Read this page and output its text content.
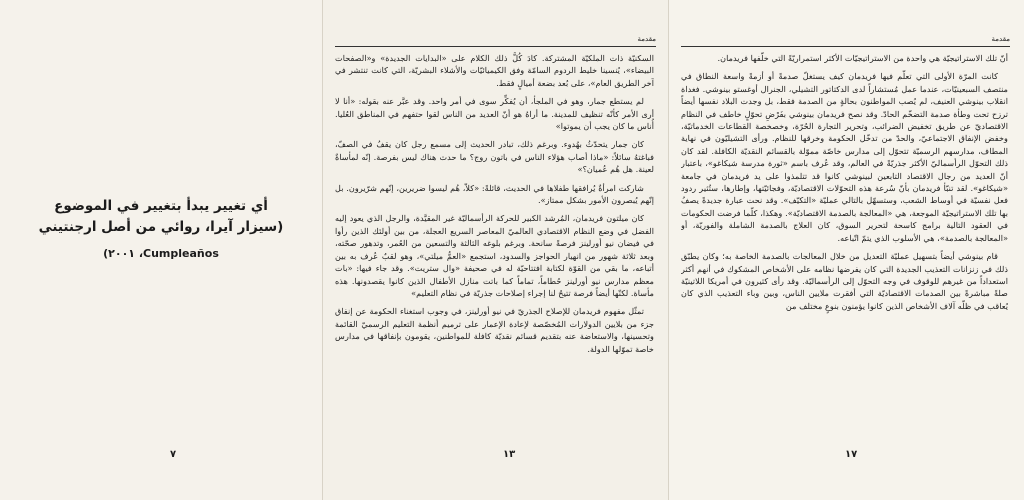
أي تغيير يبدأ بتغيير في الموضوع
(سيزار آيرا، روائي من أصل ارجنتيني
Cumpleaños، ٢٠٠١)
٧
مقدمة

السكنيّة ذات الملكيّة المشتركة. كادَ كُلُّ ذلك الكلام على «البدايات الجديدة» و«الصفحات البيضاء»، يُنسينا خليط الردوم السامّة وفق الكيميائيّات والأشلاء البشريّة، التي كانت تنتشر في آخر الطريق العام»، على بُعد بضعة أميالٍ فقط.

لم يستطع جمار، وهو في الملجأ، أن يُفكِّر سوى في أمر واحد. وقد عبَّر عنه بقوله: «أنا لا أرى الأمر كأنّه تنظيف للمدينة. ما أراهُ هو أنّ العديد من الناس لقوا حتفهم في المناطق العُليا. أُناس ما كان يجب أن يموتوا»

كان جمار يتحدّثُ بهُدوء. وبرغم ذلك، تبادر الحديث إلى مسمع رجل كان يقفُ في الصفّ، فباغتهُ سائلاً: «ماذا أصاب هؤلاء الناس في باتون روج؟ ما حدث هناك ليس بفرصة. إنّه لمأساةٌ لعينة. هل هُم عُميان؟»

شاركت امرأةٌ يُرافقها طفلاها في الحديث، قائلةً: «كلاّ، هُم ليسوا ضريرين، إنّهم شرّيرون. بل إنّهم يُبصرون الأمور بشكل ممتاز».

كان ميلتون فريدمان، المُرشد الكبير للحركة الرأسماليّة غير المقيَّدة، والرجل الذي يعود إليه الفضل في وضع النظام الاقتصادي العالميّ المعاصر السريع العجلة، من بين أولئك الذين رأوا في فيضان نيو أورلينز فرصةً سانحة. وبرغم بلوغه الثالثة والتسعين من العُمر، وتدهور صحّته، وبعد ثلاثة شهور من انهيار الحواجز والسدود، استجمع «العمُّ ميلتي»، وهو لقبٌ عُرف به بين أتباعه، ما بقي من القوّة لكتابة افتتاحيّة له في صحيفة «وال ستريت». وقد جاء فيها: «بات معظم مدارس نيو أورلينز حُطاماً، تماماً كما باتت منازل الأطفال الذين كانوا يقصدونها. هذه مأساة. لكنّها أيضاً فرصة تتيحُ لنا إجراء إصلاحات جذريّة في نظام التعليم»

تمثّل مفهوم فريدمان للإصلاح الجذريّ في نيو أورلينز، في وجوب استغناء الحكومة عن إنفاق جزء من بلايين الدولارات المُخصّصة لإعادة الإعمار على ترميم أنظمة التعليم الرسميّ القائمة وتحسينها، والاستعاضة عنه بتقديم قسائم نقديّة كافلة للمواطنين، يقومون بإنفاقها في مدارس خاصة تموّلها الدولة.

١٣
مقدمة

أنّ تلك الاستراتيجيّة هي واحدة من الاستراتيجيّات الأكثر استمراريّةً التي خلّفها فريدمان.

كانت المرّة الأولى التي تعلّم فيها فريدمان كيف يستغلّ صدمةً أو أزمةً واسعة النطاق في منتصف السبعينيّات، عندما عمل مُستشاراً لدى الدكتاتور التشيلي، الجنرال أوغستو بينوشي. فغداة انقلاب بينوشي العنيف، لم يُصب المواطنون بحالةٍ من الصدمة فقط، بل وجدت البلاد نفسها أيضاً ترزح تحت وطأة صدمة التضخّم الحادّ. وقد نصح فريدمان بينوشي بفَرْضِ تحوّلٍ خاطف في النظام الاقتصاديّ عن طريق تخفيض الضرائب، وتحرير التجارة الحُرّة، وخصخصة القطاعات الخدماتيّة، وخفض الإنفاق الاجتماعيّ، والحدّ من تدخّل الحكومة وخرقها للنظام. ورأى التشيليّون في نهاية المطاف، مدارسهم الرسميّة تتحوّل إلى مدارس خاصّة مموّلة بالقسائم النقديّة الكافلة. لقد كان ذلك التحوّل الرأسماليّ الأكثر جذريّةً في العالم، وقد عُرف باسم «ثورة مدرسة شيكاغو»، باعتبار أنّ العديد من رجال الاقتصاد التابعين لبينوشي كانوا قد تتلمذوا على يد فريدمان في جامعة «شيكاغو». لقد تنبّأ فريدمان بأنّ سُرعة هذه التحوّلات الاقتصاديّة، وفجائيّتها، وإطارها، ستُثير ردود فعل نفسيّة في أوساط الشعب، وستسهّل بالتالي عمليّة «التكيّف». وقد نحت عبارة جديدةً يصفُ بها تلك الاستراتيجيّة الموجعة، هي «المعالجة بالصدمة الاقتصاديّة». وهكذا، كلّما فرضت الحكومات في العقود التالية برامج كاسحة لتحرير السوق، كان العلاج بالصدمة الشاملة والفوريّة، أو «المعالجة بالصدمة»، هي الأسلوب الذي يتمّ اتّباعه.

قام بينوشي أيضاً بتسهيل عمليّة التعديل من خلال المعالجات بالصدمة الخاصة به؛ وكان يطبّق ذلك في زنزانات التعذيب الجديدة التي كان يفرضها نظامه على الأشخاص المشكوك في أنهم أكثر استعداداً من غيرهم للوقوف في وجه التحوّل إلى الرأسماليّة. وقد رأى كثيرون في أمريكا اللاتينيّة صلةً مباشرةً بين الصدمات الاقتصاديّة التي أفقرت ملايين الناس، وبين وباء التعذيب الذي كان يُعاقب في ظلّه آلاف الأشخاص الذين كانوا يؤمنون بنوعٍ مختلف من

١٧
